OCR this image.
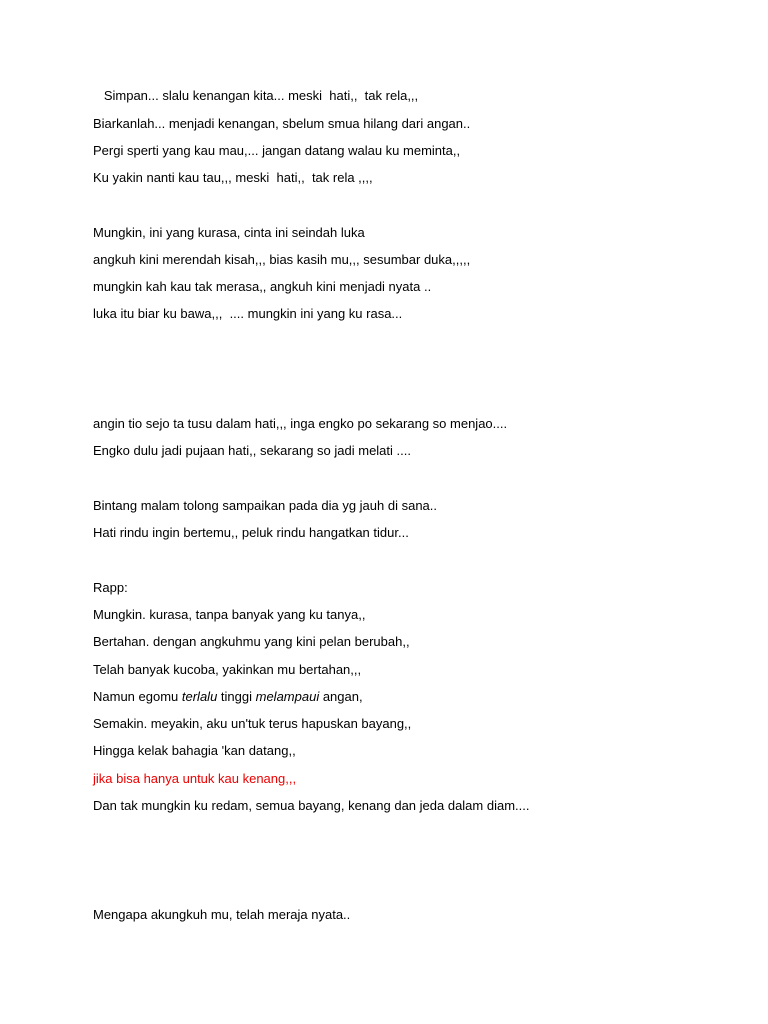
Simpan... slalu kenangan kita... meski  hati,,  tak rela,,,
Biarkanlah... menjadi kenangan, sbelum smua hilang dari angan..
Pergi sperti yang kau mau,... jangan datang walau ku meminta,,
Ku yakin nanti kau tau,,, meski  hati,,  tak rela ,,,,
Mungkin, ini yang kurasa, cinta ini seindah luka
angkuh kini merendah kisah,,, bias kasih mu,,, sesumbar duka,,,,,
mungkin kah kau tak merasa,, angkuh kini menjadi nyata ..
luka itu biar ku bawa,,,  .... mungkin ini yang ku rasa...
angin tio sejo ta tusu dalam hati,,, inga engko po sekarang so menjao....
Engko dulu jadi pujaan hati,, sekarang so jadi melati ....
Bintang malam tolong sampaikan pada dia yg jauh di sana..
Hati rindu ingin bertemu,, peluk rindu hangatkan tidur...
Rapp:
Mungkin. kurasa, tanpa banyak yang ku tanya,,
Bertahan. dengan angkuhmu yang kini pelan berubah,,
Telah banyak kucoba, yakinkan mu bertahan,,,
Namun egomu terlalu tinggi melampaui angan,
Semakin. meyakin, aku un'tuk terus hapuskan bayang,,
Hingga kelak bahagia 'kan datang,,
jika bisa hanya untuk kau kenang,,,
Dan tak mungkin ku redam, semua bayang, kenang dan jeda dalam diam....
Mengapa akungkuh mu, telah meraja nyata..
